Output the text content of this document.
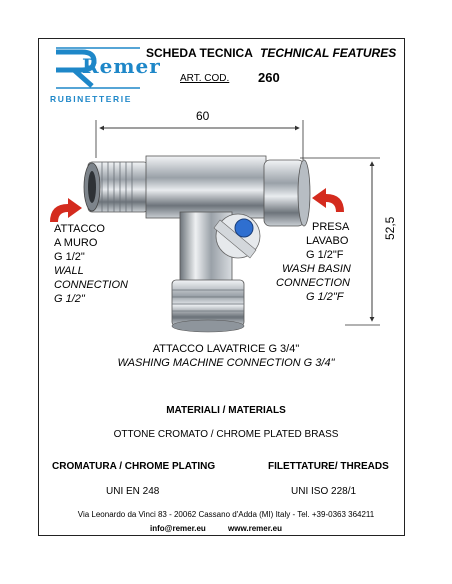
Remer
RUBINETTERIE
SCHEDA TECNICA TECHNICAL FEATURES
ART. COD. 260
60
52,5
ATTACCO
A MURO
G 1/2"
WALL
CONNECTION
G 1/2"
PRESA
LAVABO
G 1/2"F
WASH BASIN
CONNECTION
G 1/2"F
ATTACCO LAVATRICE G 3/4"
WASHING MACHINE CONNECTION G 3/4"
MATERIALI / MATERIALS
OTTONE CROMATO / CHROME PLATED BRASS
CROMATURA / CHROME PLATING
UNI EN 248
FILETTATURE/ THREADS
UNI ISO 228/1
Via Leonardo da Vinci 83 - 20062 Cassano d'Adda (MI) Italy - Tel. +39-0363 364211
info@remer.eu	www.remer.eu
